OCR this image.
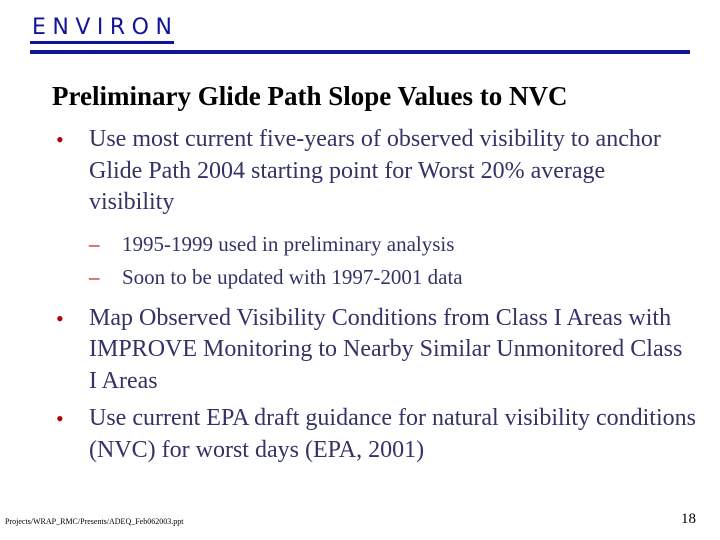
ENVIRON
Preliminary Glide Path Slope Values to NVC
• Use most current five-years of observed visibility to anchor Glide Path 2004 starting point for Worst 20% average visibility
– 1995-1999 used in preliminary analysis
– Soon to be updated with 1997-2001 data
• Map Observed Visibility Conditions from Class I Areas with IMPROVE Monitoring to Nearby Similar Unmonitored Class I Areas
• Use current EPA draft guidance for natural visibility conditions (NVC) for worst days (EPA, 2001)
Projects/WRAP_RMC/Presents/ADEQ_Feb062003.ppt	18
